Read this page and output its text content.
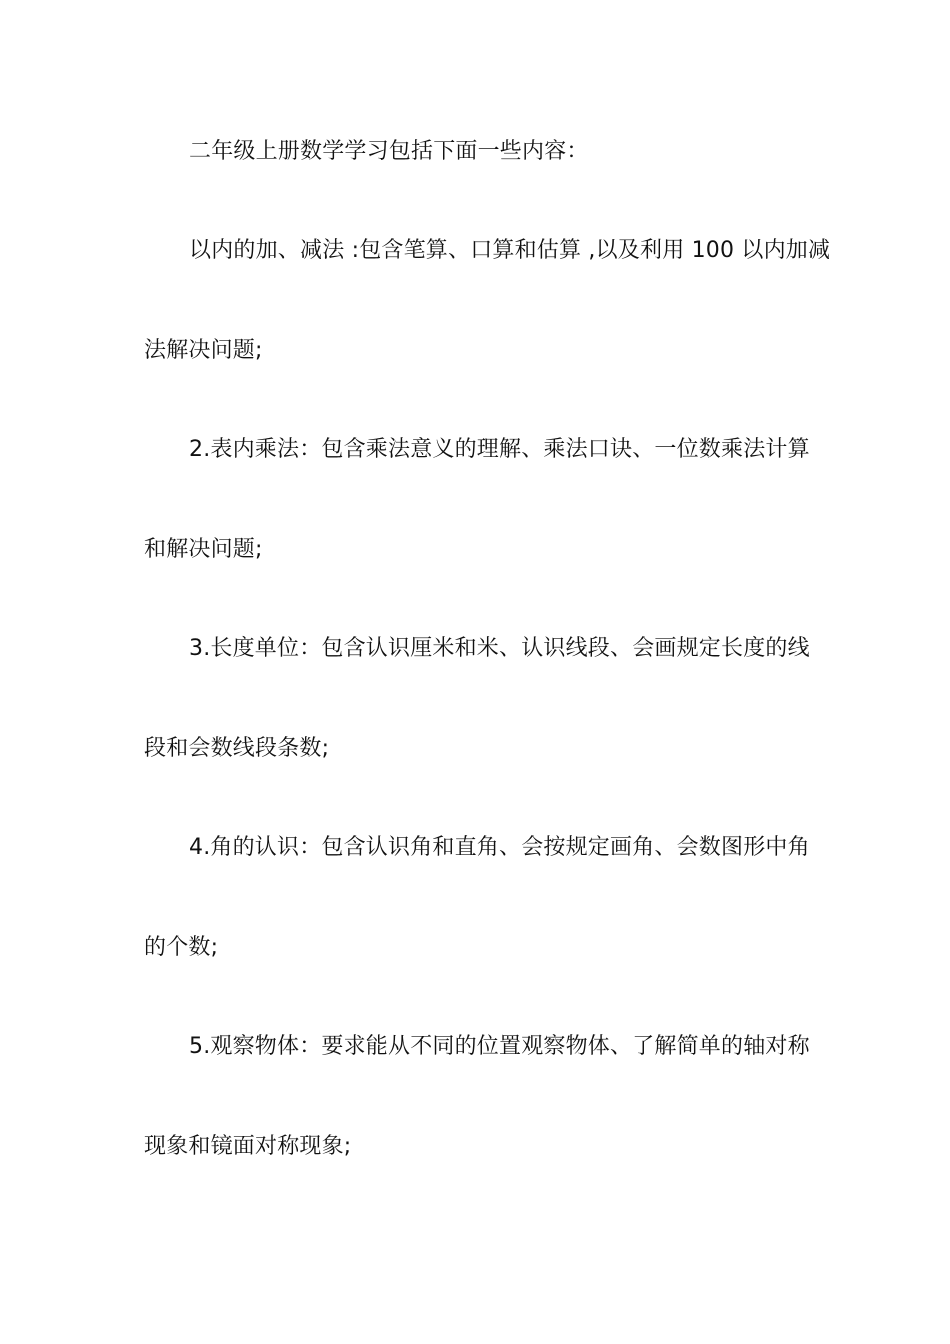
二年级上册数学学习包括下面一些内容：
以内的加、减法 :包含笔算、口算和估算 ,以及利用 100 以内加减
法解决问题;
2.表内乘法：包含乘法意义的理解、乘法口诀、一位数乘法计算
和解决问题;
3.长度单位：包含认识厘米和米、认识线段、会画规定长度的线
段和会数线段条数;
4.角的认识：包含认识角和直角、会按规定画角、会数图形中角
的个数;
5.观察物体：要求能从不同的位置观察物体、了解简单的轴对称
现象和镜面对称现象;
